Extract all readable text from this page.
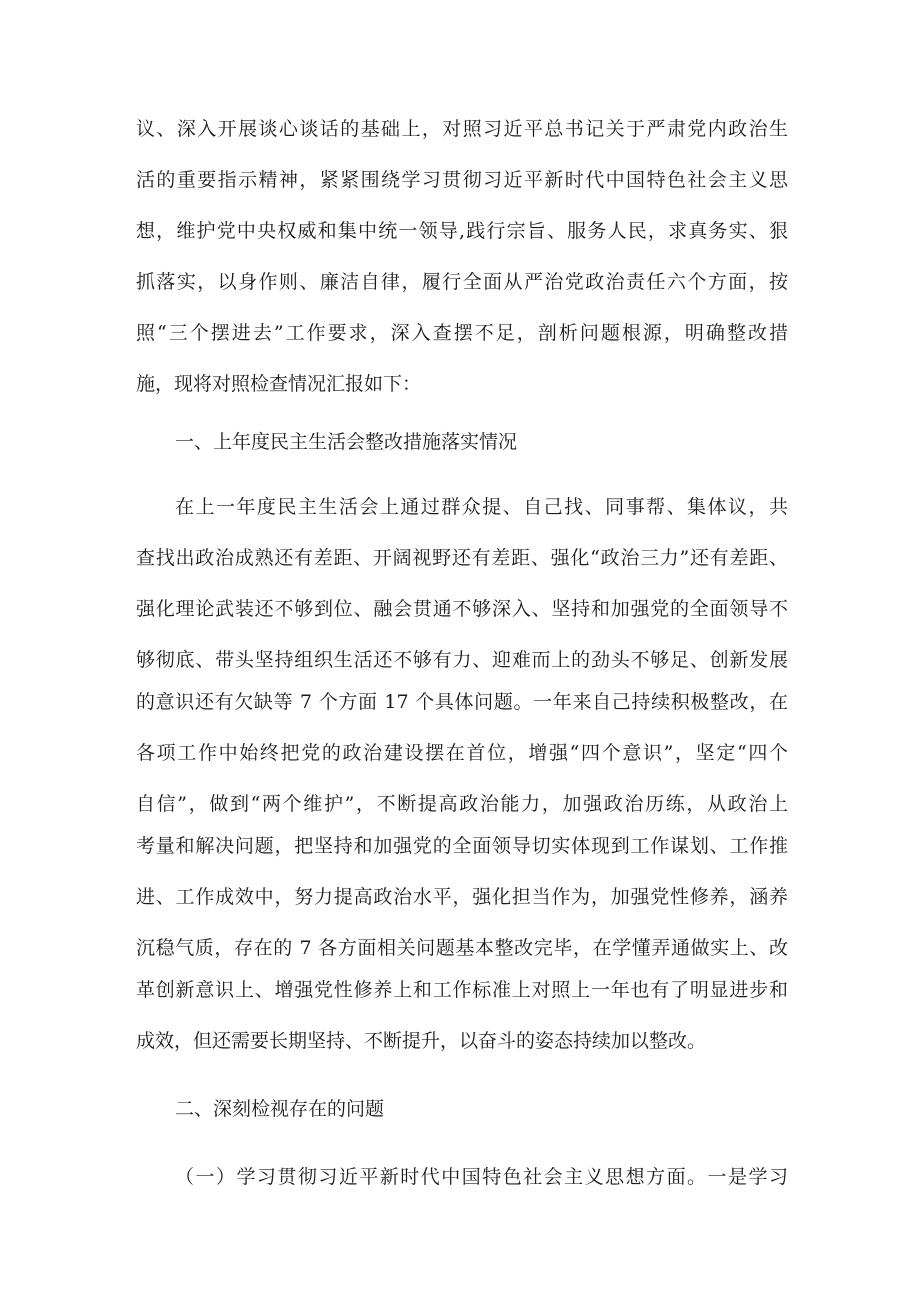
议、深入开展谈心谈话的基础上，对照习近平总书记关于严肃党内政治生
活的重要指示精神，紧紧围绕学习贯彻习近平新时代中国特色社会主义思
想，维护党中央权威和集中统一领导,践行宗旨、服务人民，求真务实、狠
抓落实，以身作则、廉洁自律，履行全面从严治党政治责任六个方面，按
照“三个摆进去”工作要求，深入查摆不足，剖析问题根源，明确整改措
施，现将对照检查情况汇报如下：
一、上年度民主生活会整改措施落实情况
在上一年度民主生活会上通过群众提、自己找、同事帮、集体议，共
查找出政治成熟还有差距、开阔视野还有差距、强化“政治三力”还有差距、
强化理论武装还不够到位、融会贯通不够深入、坚持和加强党的全面领导不
够彻底、带头坚持组织生活还不够有力、迎难而上的劲头不够足、创新发展
的意识还有欠缺等 7 个方面 17 个具体问题。一年来自己持续积极整改，在
各项工作中始终把党的政治建设摆在首位，增强“四个意识”，坚定“四个
自信”，做到“两个维护”，不断提高政治能力，加强政治历练，从政治上
考量和解决问题，把坚持和加强党的全面领导切实体现到工作谋划、工作推
进、工作成效中，努力提高政治水平，强化担当作为，加强党性修养，涵养
沉稳气质，存在的 7 各方面相关问题基本整改完毕，在学懂弄通做实上、改
革创新意识上、增强党性修养上和工作标准上对照上一年也有了明显进步和
成效，但还需要长期坚持、不断提升，以奋斗的姿态持续加以整改。
二、深刻检视存在的问题
（一）学习贯彻习近平新时代中国特色社会主义思想方面。一是学习
